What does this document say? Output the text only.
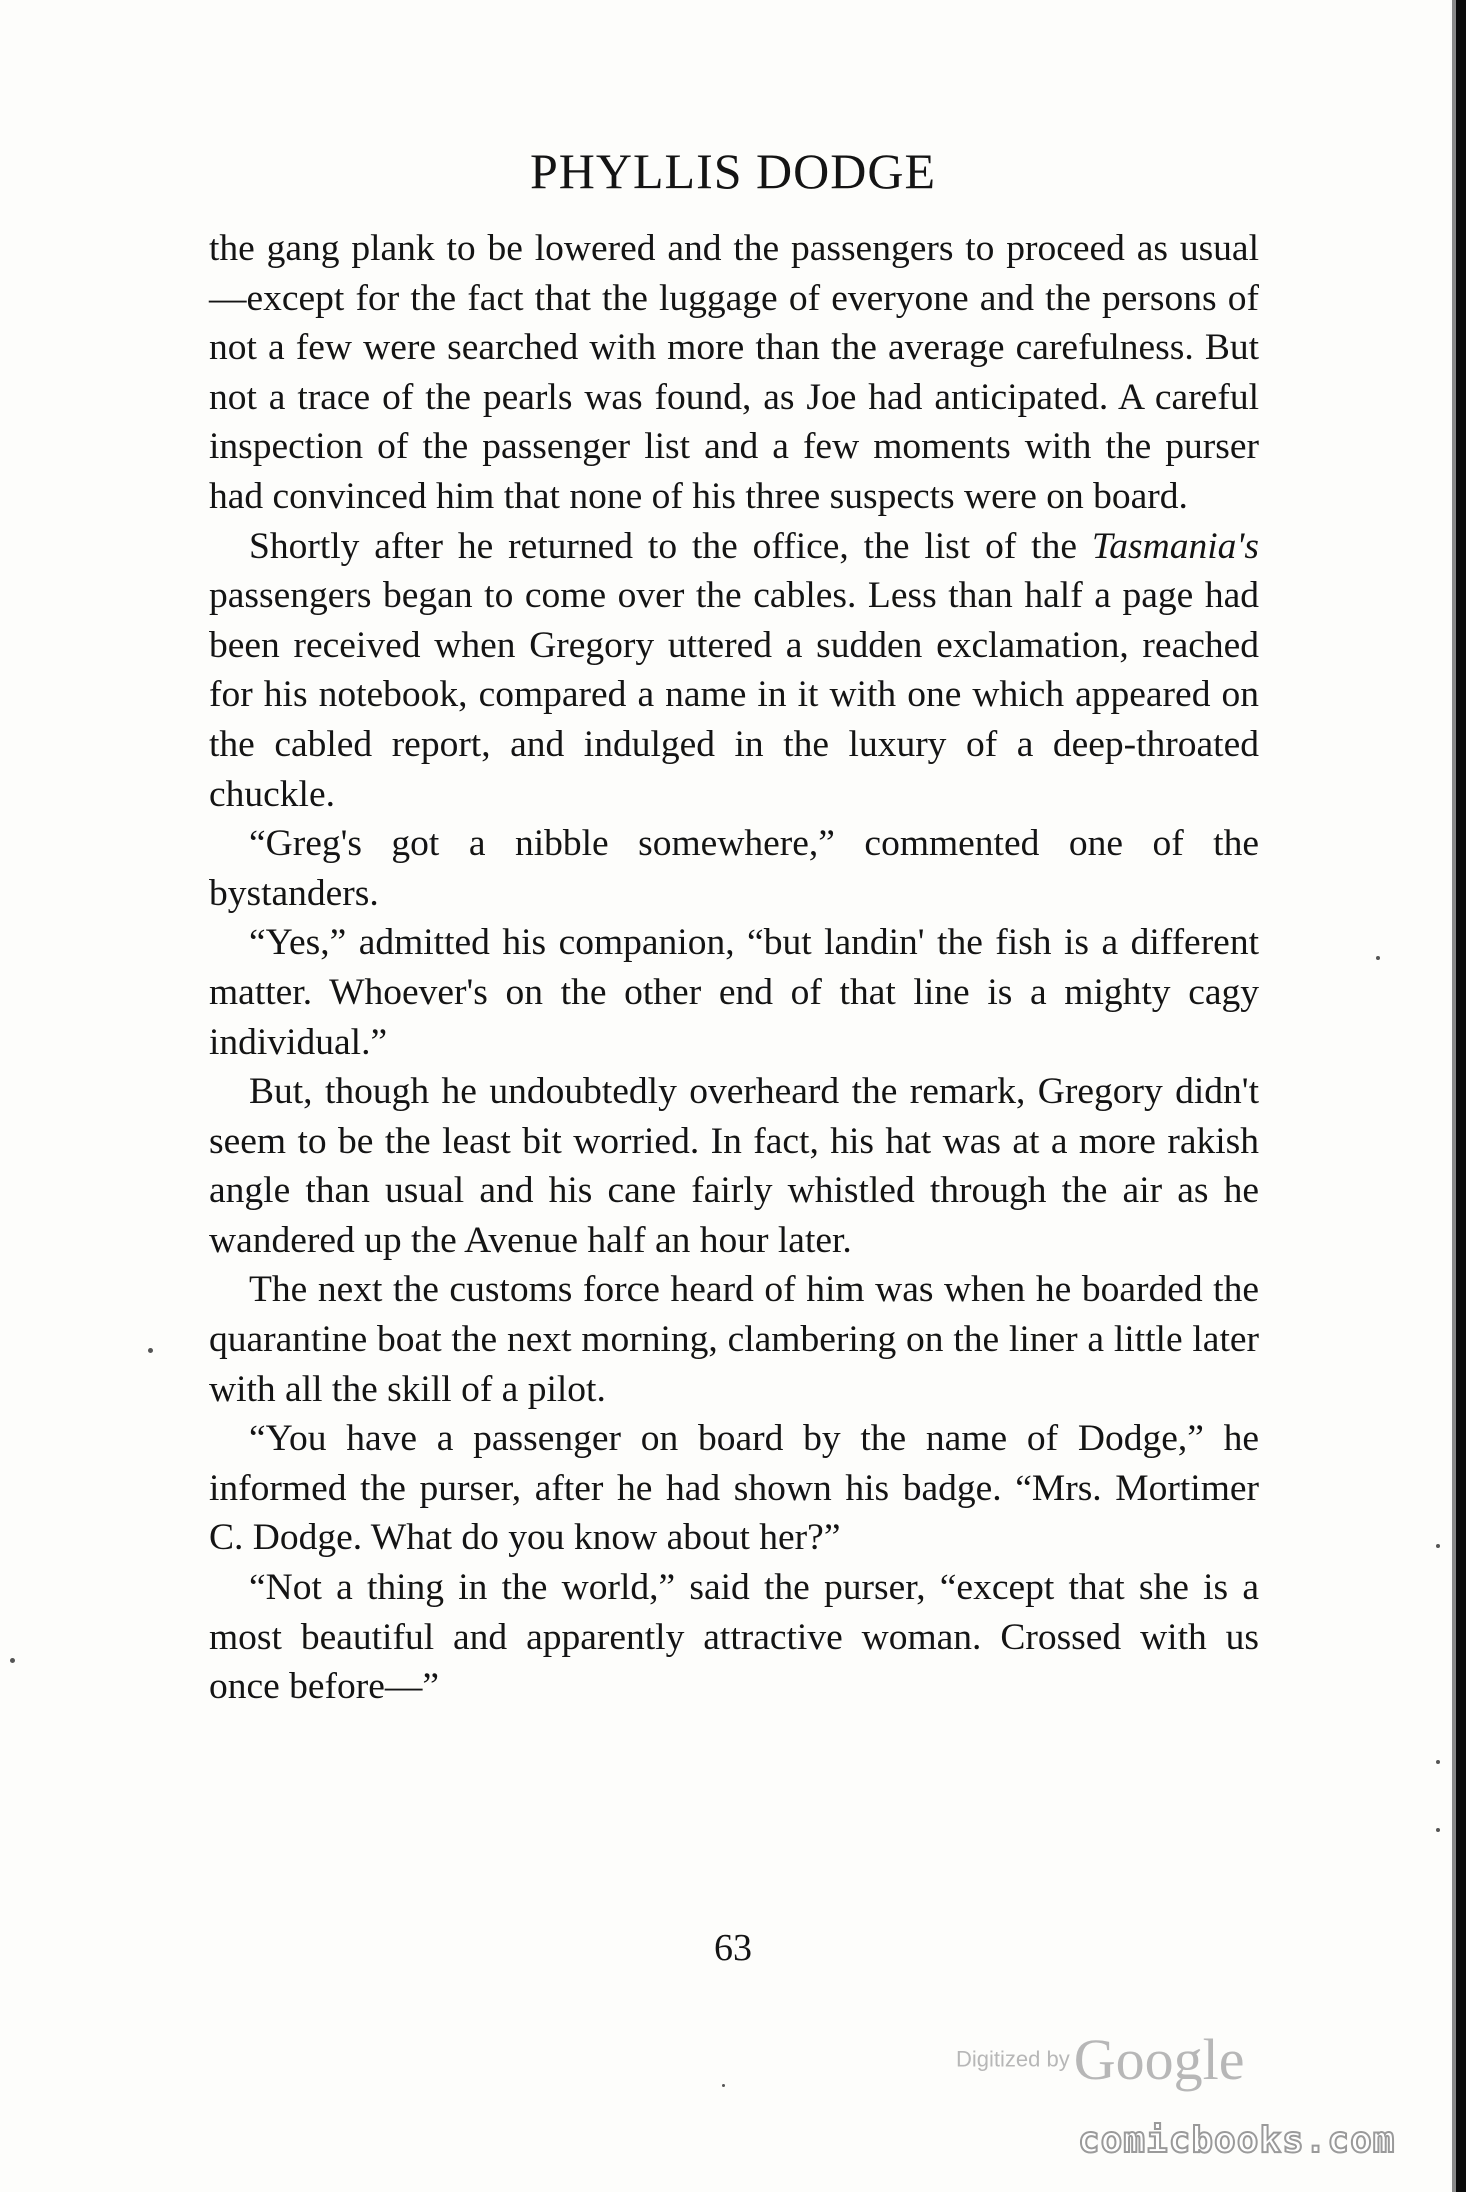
PHYLLIS DODGE

the gang plank to be lowered and the passengers to proceed as usual—except for the fact that the luggage of everyone and the persons of not a few were searched with more than the average carefulness. But not a trace of the pearls was found, as Joe had anticipated. A careful inspection of the passenger list and a few moments with the purser had convinced him that none of his three suspects were on board.

Shortly after he returned to the office, the list of the Tasmania's passengers began to come over the cables. Less than half a page had been received when Gregory uttered a sudden exclamation, reached for his notebook, compared a name in it with one which appeared on the cabled report, and indulged in the luxury of a deep-throated chuckle.

“Greg's got a nibble somewhere,” commented one of the bystanders.

“Yes,” admitted his companion, “but landin' the fish is a different matter. Whoever's on the other end of that line is a mighty cagy individual.”

But, though he undoubtedly overheard the remark, Gregory didn't seem to be the least bit worried. In fact, his hat was at a more rakish angle than usual and his cane fairly whistled through the air as he wandered up the Avenue half an hour later.

The next the customs force heard of him was when he boarded the quarantine boat the next morning, clambering on the liner a little later with all the skill of a pilot.

“You have a passenger on board by the name of Dodge,” he informed the purser, after he had shown his badge. “Mrs. Mortimer C. Dodge. What do you know about her?”

“Not a thing in the world,” said the purser, “except that she is a most beautiful and apparently attractive woman. Crossed with us once before—”

63
Digitized by Google
comicbooks.com
